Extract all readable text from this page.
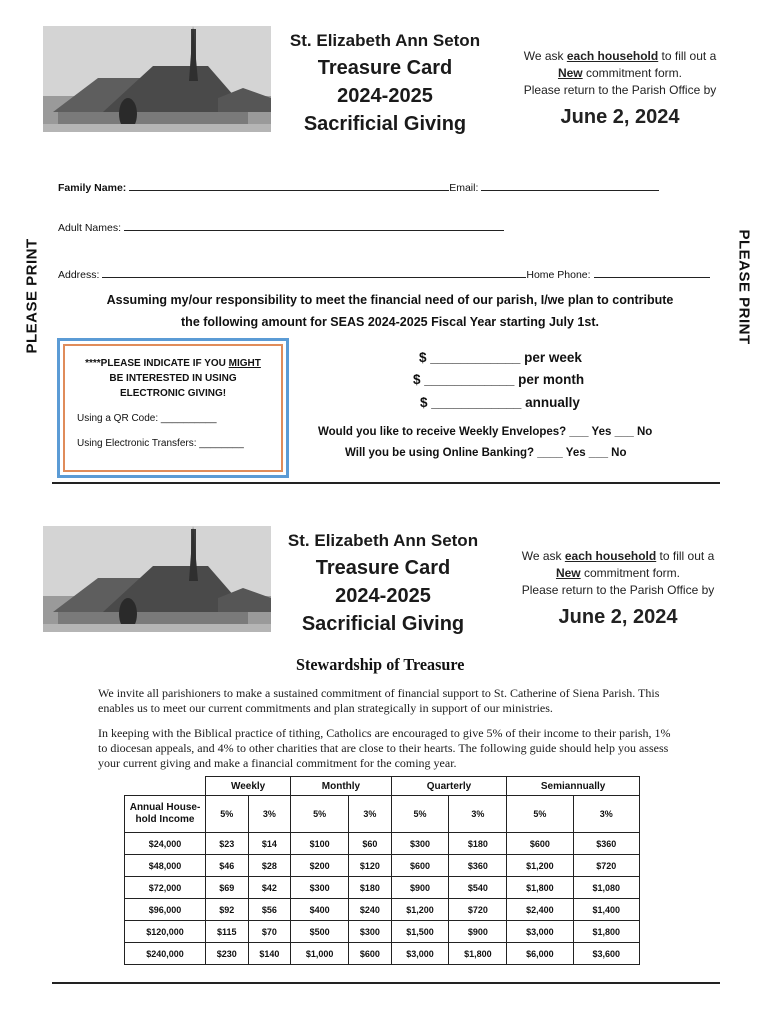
St. Elizabeth Ann Seton
Treasure Card
2024-2025
Sacrificial Giving
We ask each household to fill out a
New commitment form.
Please return to the Parish Office by
June 2, 2024
Family Name:	Email:
Adult Names:
Address:	Home Phone:
PLEASE PRINT	PLEASE PRINT
Assuming my/our responsibility to meet the financial need of our parish, I/we plan to contribute
the following amount for SEAS 2024-2025 Fiscal Year starting July 1st.
****PLEASE INDICATE IF YOU MIGHT
BE INTERESTED IN USING
ELECTRONIC GIVING!
Using a QR Code: __________
Using Electronic Transfers: ________
$ ____________ per week
$ ____________ per month
$ ____________ annually
Would you like to receive Weekly Envelopes? ___ Yes ___ No
Will you be using Online Banking? ____ Yes ___ No
St. Elizabeth Ann Seton
Treasure Card
2024-2025
Sacrificial Giving
We ask each household to fill out a
New commitment form.
Please return to the Parish Office by
June 2, 2024
Stewardship of Treasure

We invite all parishioners to make a sustained commitment of financial support to St. Catherine of Siena Parish. This enables us to meet our current commitments and plan strategically in support of our ministries.

In keeping with the Biblical practice of tithing, Catholics are encouraged to give 5% of their income to their parish, 1% to diocesan appeals, and 4% to other charities that are close to their hearts. The following guide should help you assess your current giving and make a financial commitment for the coming year.

	Weekly		Monthly		Quarterly		Semiannually	
Annual House-hold Income	5%	3%	5%	3%	5%	3%	5%	3%
$24,000	$23	$14	$100	$60	$300	$180	$600	$360
$48,000	$46	$28	$200	$120	$600	$360	$1,200	$720
$72,000	$69	$42	$300	$180	$900	$540	$1,800	$1,080
$96,000	$92	$56	$400	$240	$1,200	$720	$2,400	$1,400
$120,000	$115	$70	$500	$300	$1,500	$900	$3,000	$1,800
$240,000	$230	$140	$1,000	$600	$3,000	$1,800	$6,000	$3,600
